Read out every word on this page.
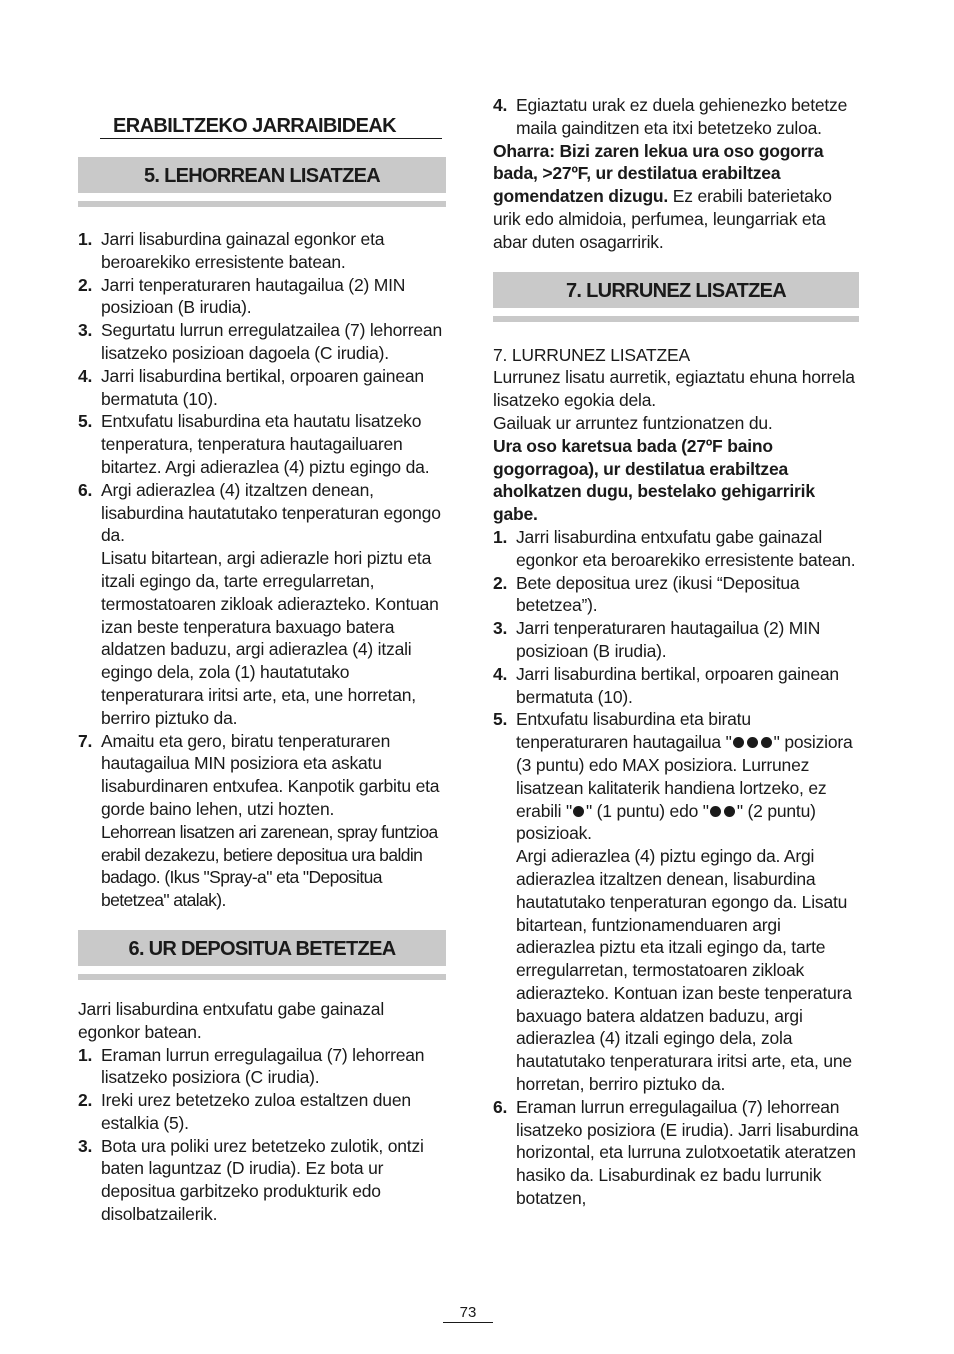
ERABILTZEKO JARRAIBIDEAK
5. LEHORREAN LISATZEA
1. Jarri lisaburdina gainazal egonkor eta beroarekiko erresistente batean.
2. Jarri tenperaturaren hautagailua (2) MIN posizioan (B irudia).
3. Segurtatu lurrun erregulatzailea (7) lehorrean lisatzeko posizioan dagoela (C irudia).
4. Jarri lisaburdina bertikal, orpoaren gainean bermatuta (10).
5. Entxufatu lisaburdina eta hautatu lisatzeko tenperatura, tenperatura hautagailuaren bitartez. Argi adierazlea (4) piztu egingo da.
6. Argi adierazlea (4) itzaltzen denean, lisaburdina hautatutako tenperaturan egongo da.
Lisatu bitartean, argi adierazle hori piztu eta itzali egingo da, tarte erregularretan, termostatoaren zikloak adierazteko. Kontuan izan beste tenperatura baxuago batera aldatzen baduzu, argi adierazlea (4) itzali egingo dela, zola (1) hautatutako tenperaturara iritsi arte, eta, une horretan, berriro piztuko da.
7. Amaitu eta gero, biratu tenperaturaren hautagailua MIN posiziora eta askatu lisaburdinaren entxufea. Kanpotik garbitu eta gorde baino lehen, utzi hozten.
Lehorrean lisatzen ari zarenean, spray funtzioa erabil dezakezu, betiere depositua ura baldin badago. (Ikus "Spray-a" eta "Depositua betetzea" atalak).
6. UR DEPOSITUA BETETZEA
Jarri lisaburdina entxufatu gabe gainazal egonkor batean.
1. Eraman lurrun erregulagailua (7) lehorrean lisatzeko posiziora (C irudia).
2. Ireki urez betetzeko zuloa estaltzen duen estalkia (5).
3. Bota ura poliki urez betetzeko zulotik, ontzi baten laguntzaz (D irudia). Ez bota ur depositua garbitzeko produkturik edo disolbatzailerik.
4. Egiaztatu urak ez duela gehienezko betetze maila gainditzen eta itxi betetzeko zuloa.
Oharra: Bizi zaren lekua ura oso gogorra bada, >27ºF, ur destilatua erabiltzea gomendatzen dizugu. Ez erabili baterietako urik edo almidoia, perfumea, leungarriak eta abar duten osagarririk.
7. LURRUNEZ LISATZEA
7. LURRUNEZ LISATZEA
Lurrunez lisatu aurretik, egiaztatu ehuna horrela lisatzeko egokia dela.
Gailuak ur arruntez funtzionatzen du.
Ura oso karetsua bada (27ºF baino gogorragoa), ur destilatua erabiltzea aholkatzen dugu, bestelako gehigarririk gabe.
1. Jarri lisaburdina entxufatu gabe gainazal egonkor eta beroarekiko erresistente batean.
2. Bete depositua urez (ikusi “Depositua betetzea”).
3. Jarri tenperaturaren hautagailua (2) MIN posizioan (B irudia).
4. Jarri lisaburdina bertikal, orpoaren gainean bermatuta (10).
5. Entxufatu lisaburdina eta biratu tenperaturaren hautagailua " " posiziora (3 puntu) edo MAX posiziora. Lurrunez lisatzean kalitaterik handiena lortzeko, ez erabili " " (1 puntu) edo " " (2 puntu) posizioak.
Argi adierazlea (4) piztu egingo da. Argi adierazlea itzaltzen denean, lisaburdina hautatutako tenperaturan egongo da. Lisatu bitartean, funtzionamenduaren argi adierazlea piztu eta itzali egingo da, tarte erregularretan, termostatoaren zikloak adierazteko. Kontuan izan beste tenperatura baxuago batera aldatzen baduzu, argi adierazlea (4) itzali egingo dela, zola hautatutako tenperaturara iritsi arte, eta, une horretan, berriro piztuko da.
6. Eraman lurrun erregulagailua (7) lehorrean lisatzeko posiziora (E irudia). Jarri lisaburdina horizontal, eta lurruna zulotxoetatik ateratzen hasiko da. Lisaburdinak ez badu lurrunik botatzen,
73
